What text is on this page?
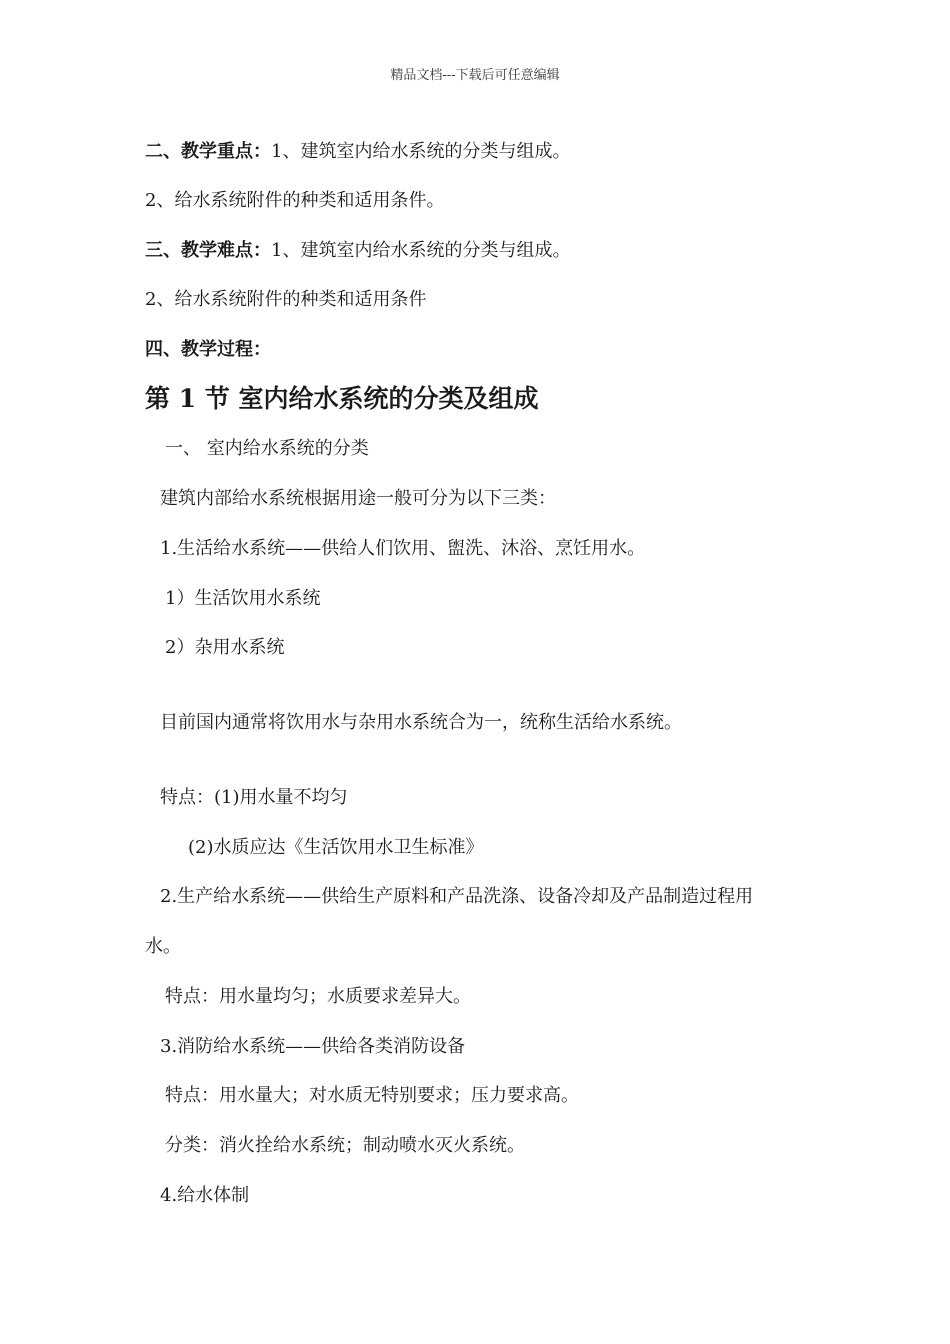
精品文档---下载后可任意编辑
二、教学重点：1、建筑室内给水系统的分类与组成。
2、给水系统附件的种类和适用条件。
三、教学难点：1、建筑室内给水系统的分类与组成。
2、给水系统附件的种类和适用条件
四、教学过程：
第 1 节 室内给水系统的分类及组成
一、 室内给水系统的分类
建筑内部给水系统根据用途一般可分为以下三类：
1.生活给水系统——供给人们饮用、盥洗、沐浴、烹饪用水。
1）生活饮用水系统
2）杂用水系统
目前国内通常将饮用水与杂用水系统合为一，统称生活给水系统。
特点：(1)用水量不均匀
(2)水质应达《生活饮用水卫生标准》
2.生产给水系统——供给生产原料和产品洗涤、设备冷却及产品制造过程用
水。
特点：用水量均匀；水质要求差异大。
3.消防给水系统——供给各类消防设备
特点：用水量大；对水质无特别要求；压力要求高。
分类：消火拴给水系统；制动喷水灭火系统。
4.给水体制
